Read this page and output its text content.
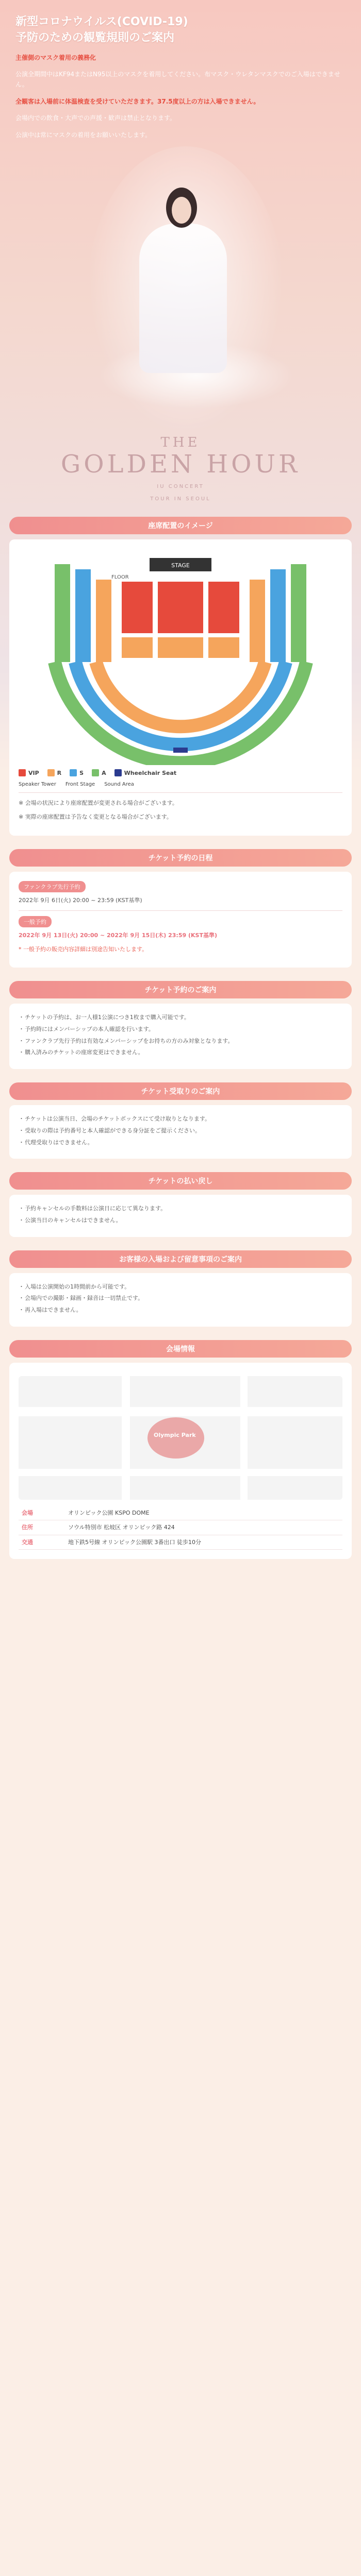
新型コロナウイルス(COVID-19)
予防のための観覧規則のご案内

主催側のマスク着用の義務化

公演全期間中はKF94またはN95以上のマスクを着用してください。布マスク・ウレタンマスクでのご入場はできません。

全観客は入場前に体温検査を受けていただきます。37.5度以上の方は入場できません。

会場内での飲食・大声での声援・歓声は禁止となります。

公演中は常にマスクの着用をお願いいたします。

THE
GOLDEN HOUR
IU CONCERT
TOUR IN SEOUL
座席配置のイメージ
STAGE
FLOOR
VIP	R	S	A	Wheelchair Seat
Speaker Tower Front Stage Sound Area

※ 会場の状況により座席配置が変更される場合がございます。

※ 実際の座席配置は予告なく変更となる場合がございます。

チケット予約の日程
ファンクラブ先行予約

2022年 9月 6日(火) 20:00 ~ 23:59 (KST基準)

一般予約

2022年 9月 13日(火) 20:00 ~ 2022年 9月 15日(木) 23:59 (KST基準)

* 一般予約の販売内容詳細は別途告知いたします。

チケット予約のご案内
・ チケットの予約は、お一人様1公演につき1枚まで購入可能です。
・ 予約時にはメンバーシップの本人確認を行います。
・ ファンクラブ先行予約は有効なメンバーシップをお持ちの方のみ対象となります。
・ 購入済みのチケットの座席変更はできません。
チケット受取りのご案内
・ チケットは公演当日、会場のチケットボックスにて受け取りとなります。
・ 受取りの際は予約番号と本人確認ができる身分証をご提示ください。
・ 代理受取りはできません。
チケットの払い戻し
・ 予約キャンセルの手数料は公演日に応じて異なります。
・ 公演当日のキャンセルはできません。
お客様の入場および留意事項のご案内
・ 入場は公演開始の1時間前から可能です。
・ 会場内での撮影・録画・録音は一切禁止です。
・ 再入場はできません。
会場情報
Olympic Park
会場	オリンピック公園 KSPO DOME
住所	ソウル特別市 松坡区 オリンピック路 424
交通	地下鉄5号線 オリンピック公園駅 3番出口 徒歩10分
